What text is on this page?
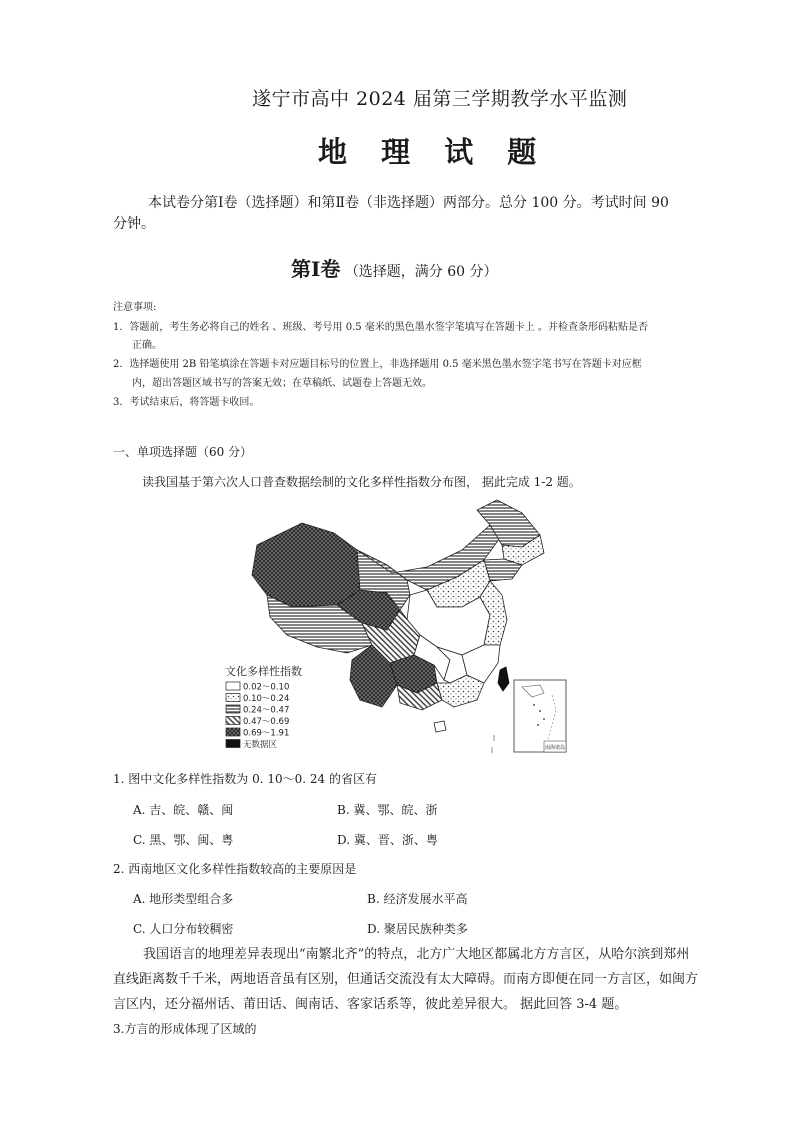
遂宁市高中 2024 届第三学期教学水平监测
地 理 试 题
本试卷分第Ⅰ卷（选择题）和第Ⅱ卷（非选择题）两部分。总分 100 分。考试时间 90
分钟。
第Ⅰ卷 （选择题，满分 60 分）
注意事项:
1．答题前，考生务必将自己的姓名 、班级、考号用 0.5 毫米的黑色墨水签字笔填写在答题卡上 。并检查条形码粘贴是否
正确。
2．选择题使用 2B 铅笔填涂在答题卡对应题目标号的位置上，非选择题用 0.5 毫米黑色墨水签字笔书写在答题卡对应框
内，超出答题区域书写的答案无效；在草稿纸、试题卷上答题无效。
3．考试结束后，将答题卡收回。
一、单项选择题（60 分）
读我国基于第六次人口普查数据绘制的文化多样性指数分布图， 据此完成 1-2 题。
南海诸岛
文化多样性指数
0.02～0.10
0.10～0.24
0.24～0.47
0.47～0.69
0.69～1.91
无数据区
1. 图中文化多样性指数为 0. 10～0. 24 的省区有
A. 吉、皖、赣、闽	B. 冀、鄂、皖、浙
C. 黑、鄂、闽、粤	D. 冀、晋、浙、粤
2. 西南地区文化多样性指数较高的主要原因是
A. 地形类型组合多	B. 经济发展水平高
C. 人口分布较稠密	D. 聚居民族种类多
我国语言的地理差异表现出“南繁北齐”的特点，北方广大地区都属北方方言区，从哈尔滨到郑州
直线距离数千千米，两地语音虽有区别，但通话交流没有太大障碍。而南方即便在同一方言区，如闽方
言区内，还分福州话、莆田话、闽南话、客家话系等，彼此差异很大。 据此回答 3-4 题。
3.方言的形成体现了区域的
